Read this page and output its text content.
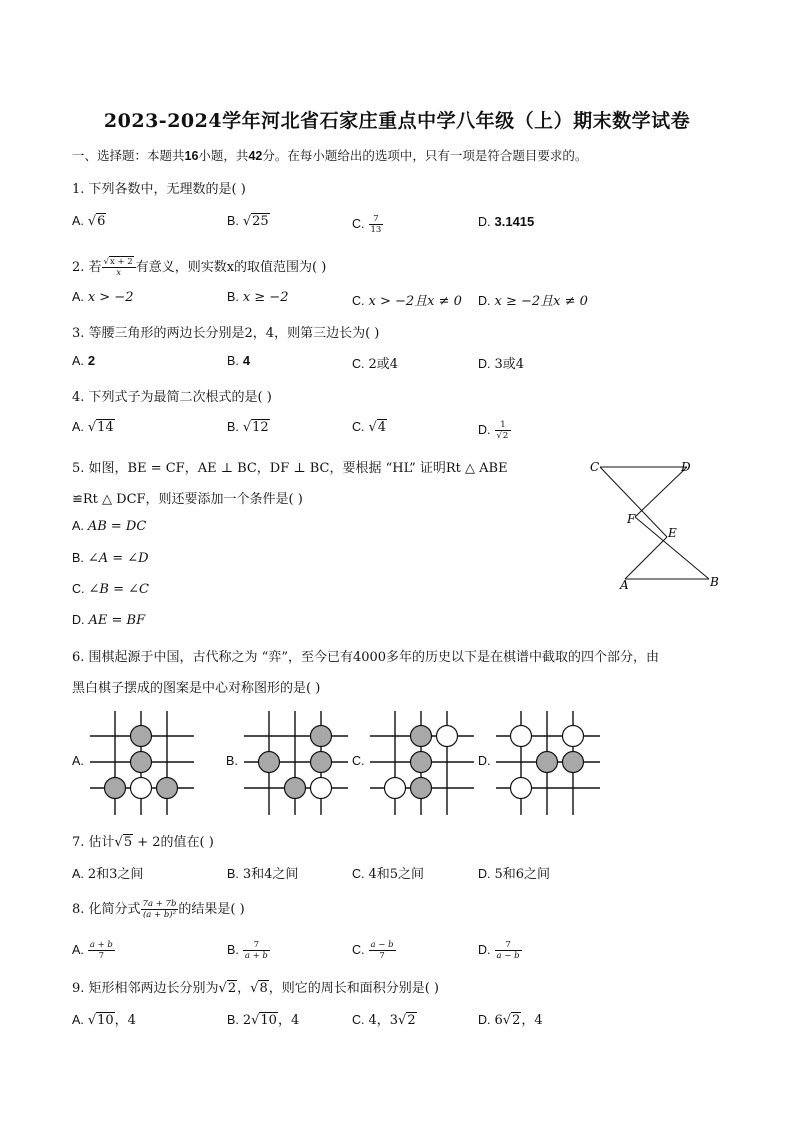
2023-2024学年河北省石家庄重点中学八年级（上）期末数学试卷
一、选择题：本题共16小题，共42分。在每小题给出的选项中，只有一项是符合题目要求的。
1. 下列各数中，无理数的是( )
A. √6	B. √25	C. $\frac{7}{13}$	D. 3.1415
2. 若 $\frac{√x + 2}{x}$ 有意义，则实数x的取值范围为( )
A. x > −2	B. x ≥ −2	C. x > −2且x ≠ 0 D. x ≥ −2且x ≠ 0
3. 等腰三角形的两边长分别是2，4，则第三边长为( )
A. 2	B. 4	C. 2或4	D. 3或4
4. 下列式子为最简二次根式的是( )
A. √14	B. √12	C. √4	D. $\frac{1}{√2}$
5. 如图，BE = CF，AE ⊥ BC，DF ⊥ BC，要根据 “HL” 证明Rt △ ABE
≌Rt △ DCF，则还要添加一个条件是( )
A. AB = DC
B. ∠A = ∠D
C. ∠B = ∠C
D. AE = BF
C	D
F
E
A	B
6. 围棋起源于中国，古代称之为 “弈”，至今已有4000多年的历史以下是在棋谱中截取的四个部分，由
黑白棋子摆成的图案是中心对称图形的是( )
A.	B.	C.	D.
7. 估计√5 + 2的值在( )
A. 2和3之间	B. 3和4之间	C. 4和5之间	D. 5和6之间
8. 化简分式 $\frac{7a + 7b}{\text{(a + b)²}}$ 的结果是( )
A. $\frac{a + b}{7}$	B. $\frac{7}{a + b}$	C. $\frac{a - b}{7}$	D. $\frac{7}{a - b}$
9. 矩形相邻两边长分别为√2，√8，则它的周长和面积分别是( )
A. √10，4	B. 2√10，4	C. 4，3√2	D. 6√2，4
